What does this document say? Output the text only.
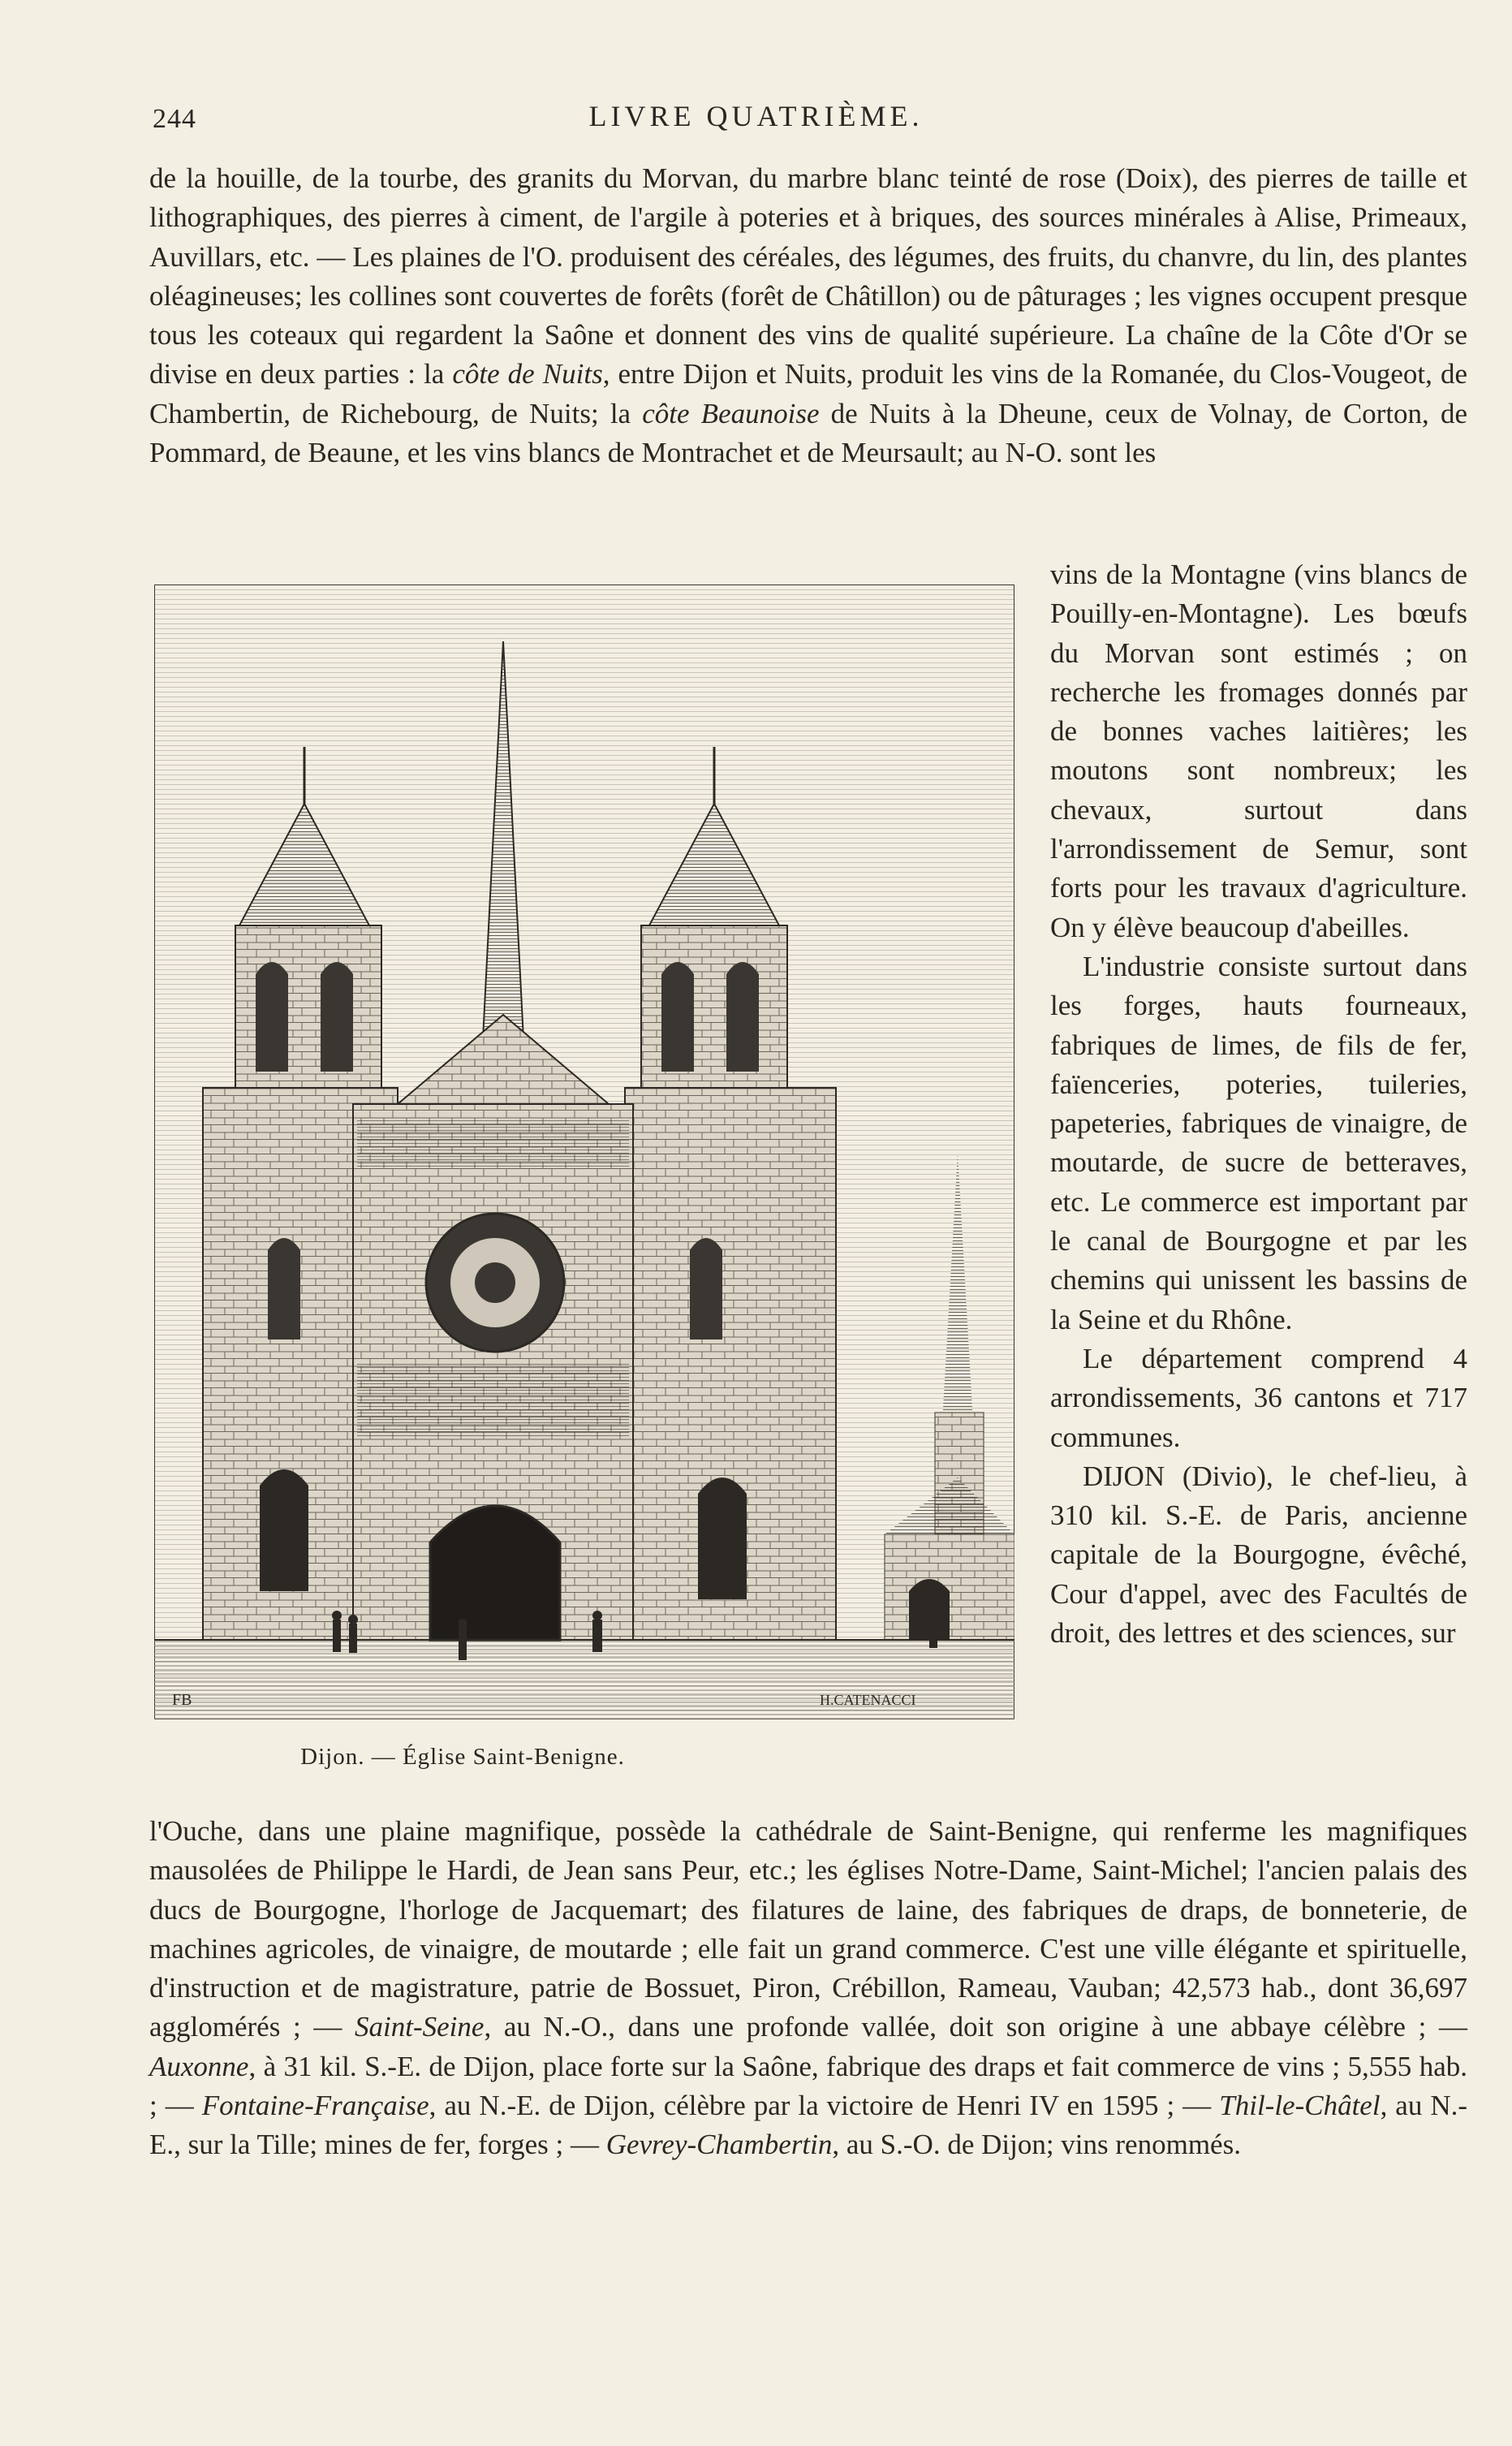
244	LIVRE QUATRIÈME.

de la houille, de la tourbe, des granits du Morvan, du marbre blanc teinté de rose (Doix), des pierres de taille et lithographiques, des pierres à ciment, de l'argile à poteries et à briques, des sources minérales à Alise, Primeaux, Auvillars, etc. — Les plaines de l'O. produisent des céréales, des légumes, des fruits, du chanvre, du lin, des plantes oléagineuses; les collines sont couvertes de forêts (forêt de Châtillon) ou de pâturages ; les vignes occupent presque tous les coteaux qui regardent la Saône et donnent des vins de qualité supérieure. La chaîne de la Côte d'Or se divise en deux parties : la côte de Nuits, entre Dijon et Nuits, produit les vins de la Romanée, du Clos-Vougeot, de Chambertin, de Richebourg, de Nuits; la côte Beaunoise de Nuits à la Dheune, ceux de Volnay, de Corton, de Pommard, de Beaune, et les vins blancs de Montrachet et de Meursault; au N-O. sont les

FB	H.CATENACCI
Dijon. — Église Saint-Benigne.

vins de la Montagne (vins blancs de Pouilly-en-Montagne). Les bœufs du Morvan sont estimés ; on recherche les fromages donnés par de bonnes vaches laitières; les moutons sont nombreux; les chevaux, surtout dans l'arrondissement de Semur, sont forts pour les travaux d'agriculture. On y élève beaucoup d'abeilles.

L'industrie consiste surtout dans les forges, hauts fourneaux, fabriques de limes, de fils de fer, faïenceries, poteries, tuileries, papeteries, fabriques de vinaigre, de moutarde, de sucre de betteraves, etc. Le commerce est important par le canal de Bourgogne et par les chemins qui unissent les bassins de la Seine et du Rhône.

Le département comprend 4 arrondissements, 36 cantons et 717 communes.

DIJON (Divio), le chef-lieu, à 310 kil. S.-E. de Paris, ancienne capitale de la Bourgogne, évêché, Cour d'appel, avec des Facultés de droit, des lettres et des sciences, sur

l'Ouche, dans une plaine magnifique, possède la cathédrale de Saint-Benigne, qui renferme les magnifiques mausolées de Philippe le Hardi, de Jean sans Peur, etc.; les églises Notre-Dame, Saint-Michel; l'ancien palais des ducs de Bourgogne, l'horloge de Jacquemart; des filatures de laine, des fabriques de draps, de bonneterie, de machines agricoles, de vinaigre, de moutarde ; elle fait un grand commerce. C'est une ville élégante et spirituelle, d'instruction et de magistrature, patrie de Bossuet, Piron, Crébillon, Rameau, Vauban; 42,573 hab., dont 36,697 agglomérés ; — Saint-Seine, au N.-O., dans une profonde vallée, doit son origine à une abbaye célèbre ; — Auxonne, à 31 kil. S.-E. de Dijon, place forte sur la Saône, fabrique des draps et fait commerce de vins ; 5,555 hab. ; — Fontaine-Française, au N.-E. de Dijon, célèbre par la victoire de Henri IV en 1595 ; — Thil-le-Châtel, au N.-E., sur la Tille; mines de fer, forges ; — Gevrey-Chambertin, au S.-O. de Dijon; vins renommés.
